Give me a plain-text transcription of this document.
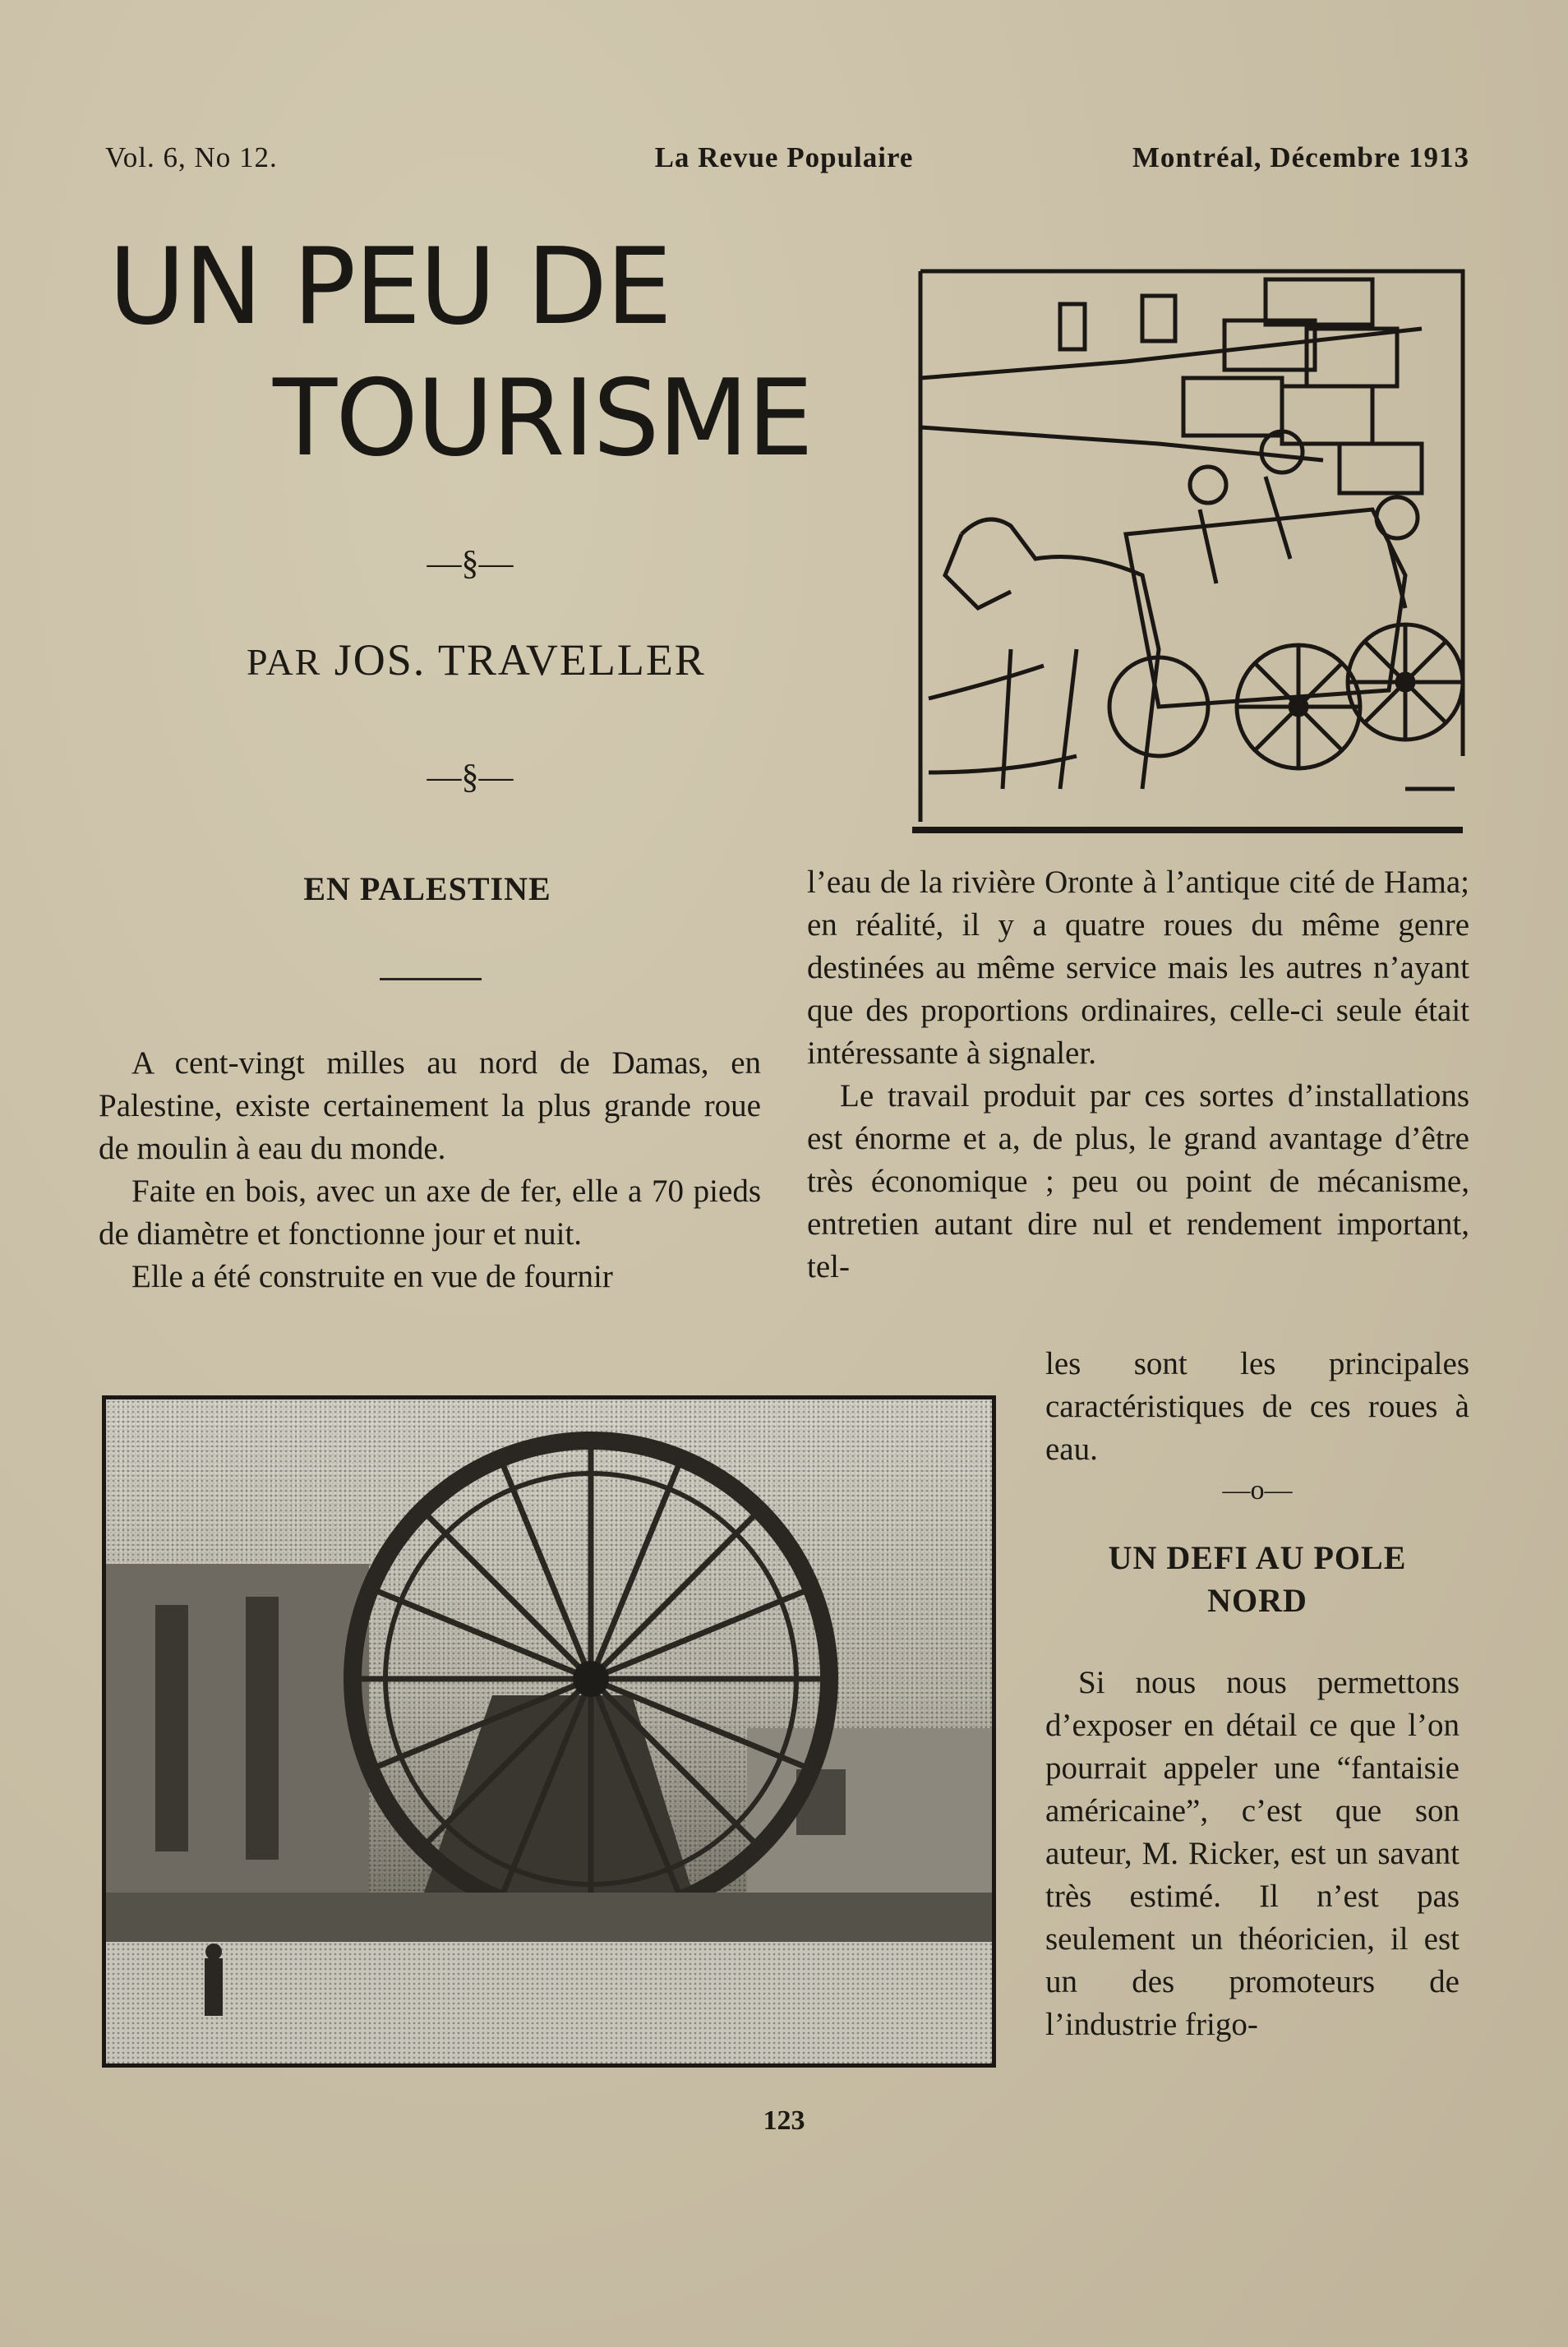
Vol. 6, No 12.	La Revue Populaire	Montréal, Décembre 1913
UN PEU DE
TOURISME
—§—
PAR JOS. TRAVELLER
—§—
EN PALESTINE

A cent-vingt milles au nord de Damas, en Palestine, existe certainement la plus grande roue de moulin à eau du monde.

Faite en bois, avec un axe de fer, elle a 70 pieds de diamètre et fonctionne jour et nuit.

Elle a été construite en vue de fournir

l’eau de la rivière Oronte à l’antique cité de Hama; en réalité, il y a quatre roues du même genre destinées au même service mais les autres n’ayant que des proportions ordinaires, celle-ci seule était intéressante à signaler.

Le travail produit par ces sortes d’installations est énorme et a, de plus, le grand avantage d’être très économique ; peu ou point de mécanisme, entretien autant dire nul et rendement important, tel-

les sont les principales caractéristiques de ces roues à eau.

—o—
UN DEFI AU POLE
NORD

Si nous nous permettons d’exposer en détail ce que l’on pourrait appeler une “fantaisie américaine”, c’est que son auteur, M. Ricker, est un savant très estimé. Il n’est pas seulement un théoricien, il est un des promoteurs de l’industrie frigo-

123
